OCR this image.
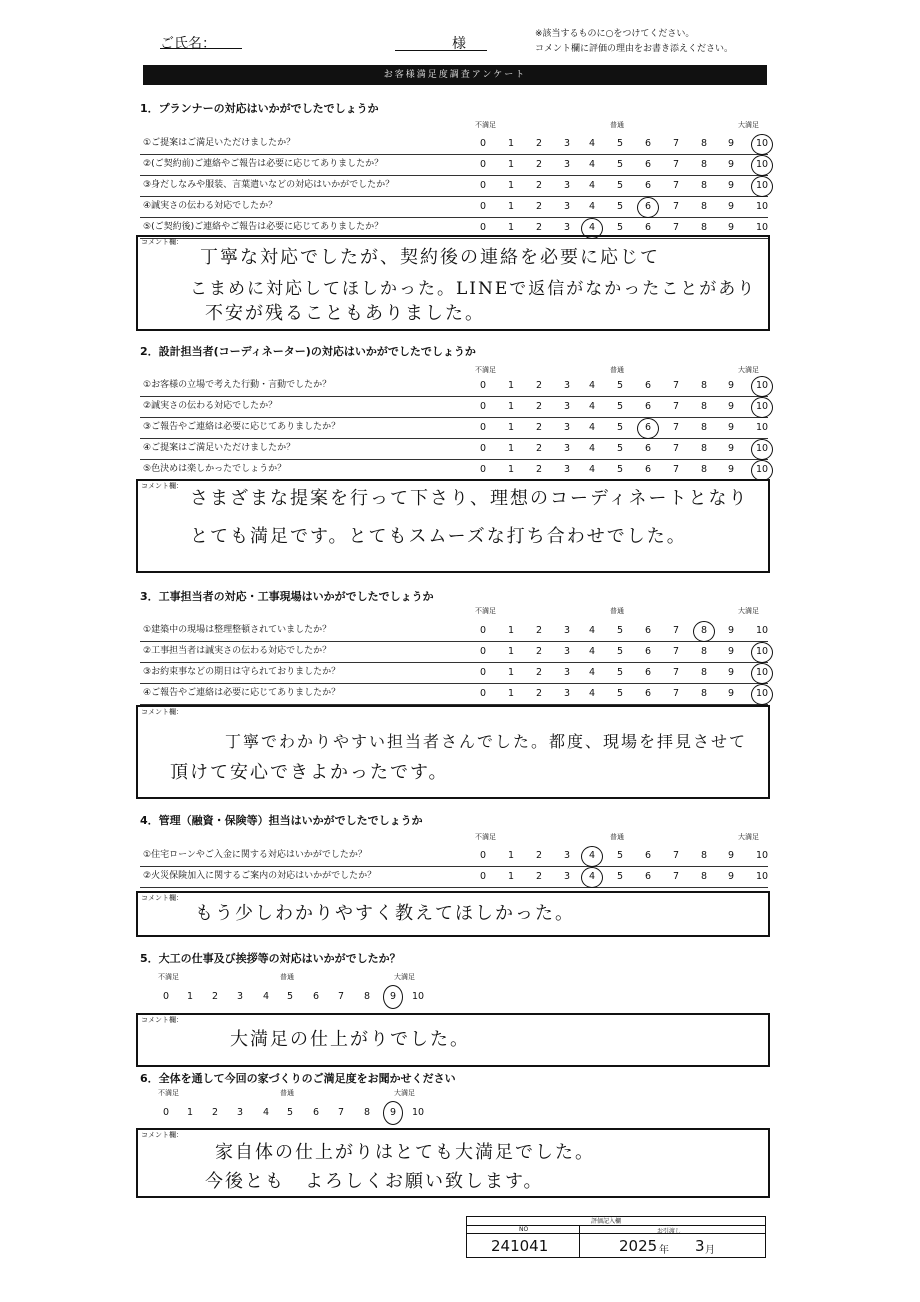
ご氏名：	様
※該当するものに○をつけてください。
コメント欄に評価の理由をお書き添えください。
お客様満足度調査アンケート
1．プランナーの対応はいかがでしたでしょうか
不満足	普通	大満足
①ご提案はご満足いただけましたか？	0	1	2	3	4	5	6	7	8	9	10
②(ご契約前)ご連絡やご報告は必要に応じてありましたか？	0	1	2	3	4	5	6	7	8	9	10
③身だしなみや服装、言葉遣いなどの対応はいかがでしたか？	0	1	2	3	4	5	6	7	8	9	10
④誠実さの伝わる対応でしたか？	0	1	2	3	4	5	6	7	8	9	10
⑤(ご契約後)ご連絡やご報告は必要に応じてありましたか？	0	1	2	3	4	5	6	7	8	9	10
コメント欄：
丁寧な対応でしたが、契約後の連絡を必要に応じて
こまめに対応してほしかった。LINEで返信がなかったことがあり
不安が残ることもありました。
2．設計担当者(コーディネーター)の対応はいかがでしたでしょうか
不満足	普通	大満足
①お客様の立場で考えた行動・言動でしたか？	0	1	2	3	4	5	6	7	8	9	10
②誠実さの伝わる対応でしたか？	0	1	2	3	4	5	6	7	8	9	10
③ご報告やご連絡は必要に応じてありましたか？	0	1	2	3	4	5	6	7	8	9	10
④ご提案はご満足いただけましたか？	0	1	2	3	4	5	6	7	8	9	10
⑤色決めは楽しかったでしょうか？	0	1	2	3	4	5	6	7	8	9	10
コメント欄：
さまざまな提案を行って下さり、理想のコーディネートとなり
とても満足です。とてもスムーズな打ち合わせでした。
3．工事担当者の対応・工事現場はいかがでしたでしょうか
不満足	普通	大満足
①建築中の現場は整理整頓されていましたか？	0	1	2	3	4	5	6	7	8	9	10
②工事担当者は誠実さの伝わる対応でしたか？	0	1	2	3	4	5	6	7	8	9	10
③お約束事などの期日は守られておりましたか？	0	1	2	3	4	5	6	7	8	9	10
④ご報告やご連絡は必要に応じてありましたか？	0	1	2	3	4	5	6	7	8	9	10
コメント欄：
丁寧でわかりやすい担当者さんでした。都度、現場を拝見させて
頂けて安心できよかったです。
4．管理（融資・保険等）担当はいかがでしたでしょうか
不満足	普通	大満足
①住宅ローンやご入金に関する対応はいかがでしたか？	0	1	2	3	4	5	6	7	8	9	10
②火災保険加入に関するご案内の対応はいかがでしたか？	0	1	2	3	4	5	6	7	8	9	10
コメント欄：
もう少しわかりやすく教えてほしかった。
5．大工の仕事及び挨拶等の対応はいかがでしたか？
不満足	普通	大満足
0	1	2	3	4	5	6	7	8	9	10
コメント欄：
大満足の仕上がりでした。
6．全体を通して今回の家づくりのご満足度をお聞かせください
不満足	普通	大満足
0	1	2	3	4	5	6	7	8	9	10
コメント欄：
家自体の仕上がりはとても大満足でした。
今後とも　よろしくお願い致します。
評価記入欄
NO	お引渡し
241041	2025 年 3 月
